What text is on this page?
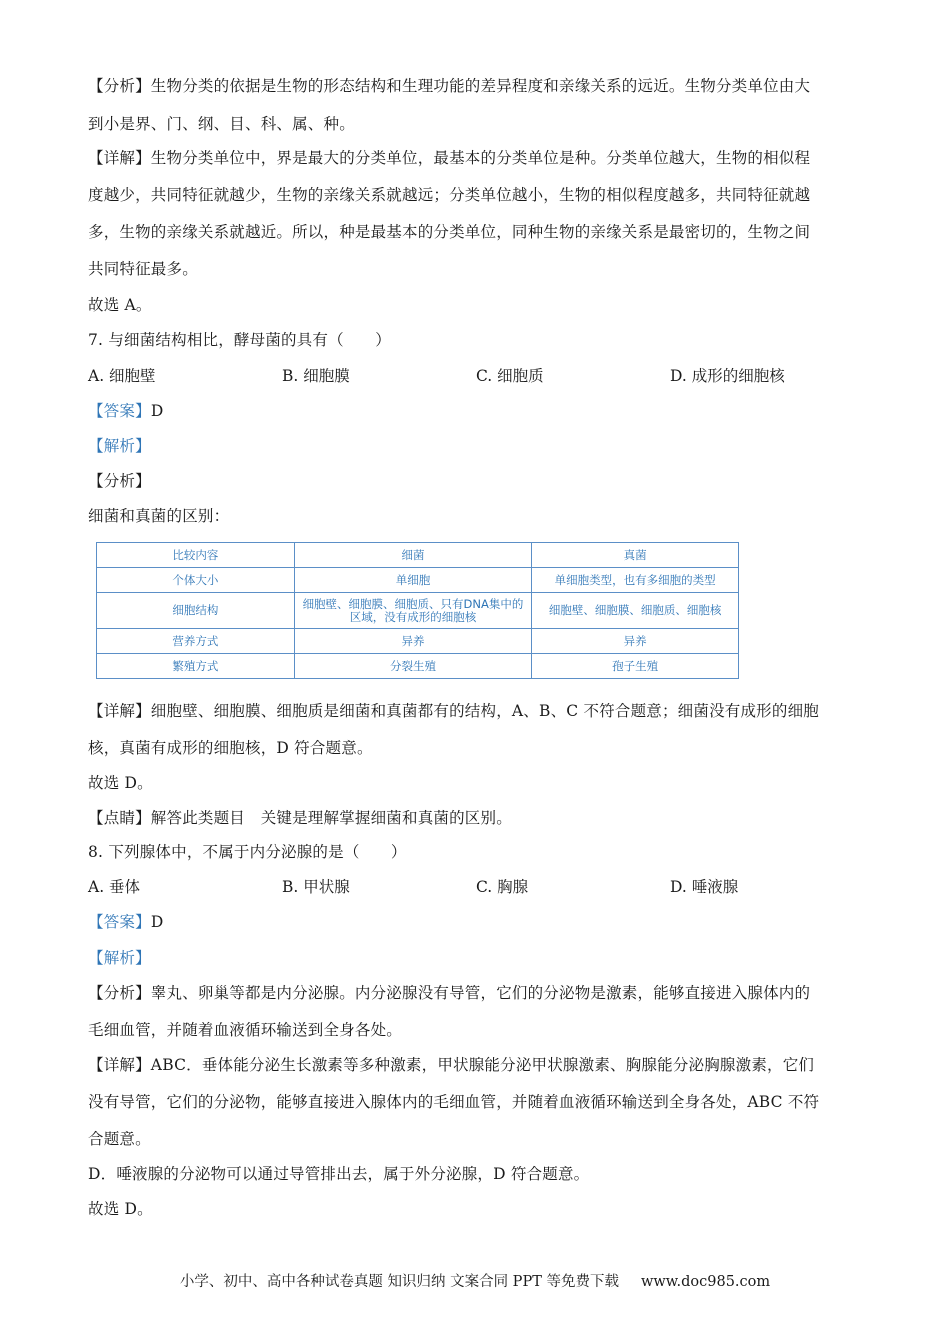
【分析】生物分类的依据是生物的形态结构和生理功能的差异程度和亲缘关系的远近。生物分类单位由大
到小是界、门、纲、目、科、属、种。
【详解】生物分类单位中，界是最大的分类单位，最基本的分类单位是种。分类单位越大，生物的相似程
度越少，共同特征就越少，生物的亲缘关系就越远；分类单位越小，生物的相似程度越多，共同特征就越
多，生物的亲缘关系就越近。所以，种是最基本的分类单位，同种生物的亲缘关系是最密切的，生物之间
共同特征最多。
故选 A。
7. 与细菌结构相比，酵母菌的具有（　　）
A. 细胞壁	B. 细胞膜	C. 细胞质	D. 成形的细胞核
【答案】D
【解析】
【分析】
细菌和真菌的区别：
比较内容	细菌	真菌
个体大小	单细胞	单细胞类型，也有多细胞的类型
细胞结构	细胞壁、细胞膜、细胞质、只有DNA集中的区域，没有成形的细胞核	细胞壁、细胞膜、细胞质、细胞核
营养方式	异养	异养
繁殖方式	分裂生殖	孢子生殖
【详解】细胞壁、细胞膜、细胞质是细菌和真菌都有的结构，A、B、C 不符合题意；细菌没有成形的细胞
核，真菌有成形的细胞核，D 符合题意。
故选 D。
【点睛】解答此类题目　关键是理解掌握细菌和真菌的区别。
8. 下列腺体中，不属于内分泌腺的是（　　）
A. 垂体	B. 甲状腺	C. 胸腺	D. 唾液腺
【答案】D
【解析】
【分析】睾丸、卵巢等都是内分泌腺。内分泌腺没有导管，它们的分泌物是激素，能够直接进入腺体内的
毛细血管，并随着血液循环输送到全身各处。
【详解】ABC．垂体能分泌生长激素等多种激素，甲状腺能分泌甲状腺激素、胸腺能分泌胸腺激素，它们
没有导管，它们的分泌物，能够直接进入腺体内的毛细血管，并随着血液循环输送到全身各处，ABC 不符
合题意。
D．唾液腺的分泌物可以通过导管排出去，属于外分泌腺，D 符合题意。
故选 D。
小学、初中、高中各种试卷真题 知识归纳 文案合同 PPT 等免费下载 www.doc985.com
